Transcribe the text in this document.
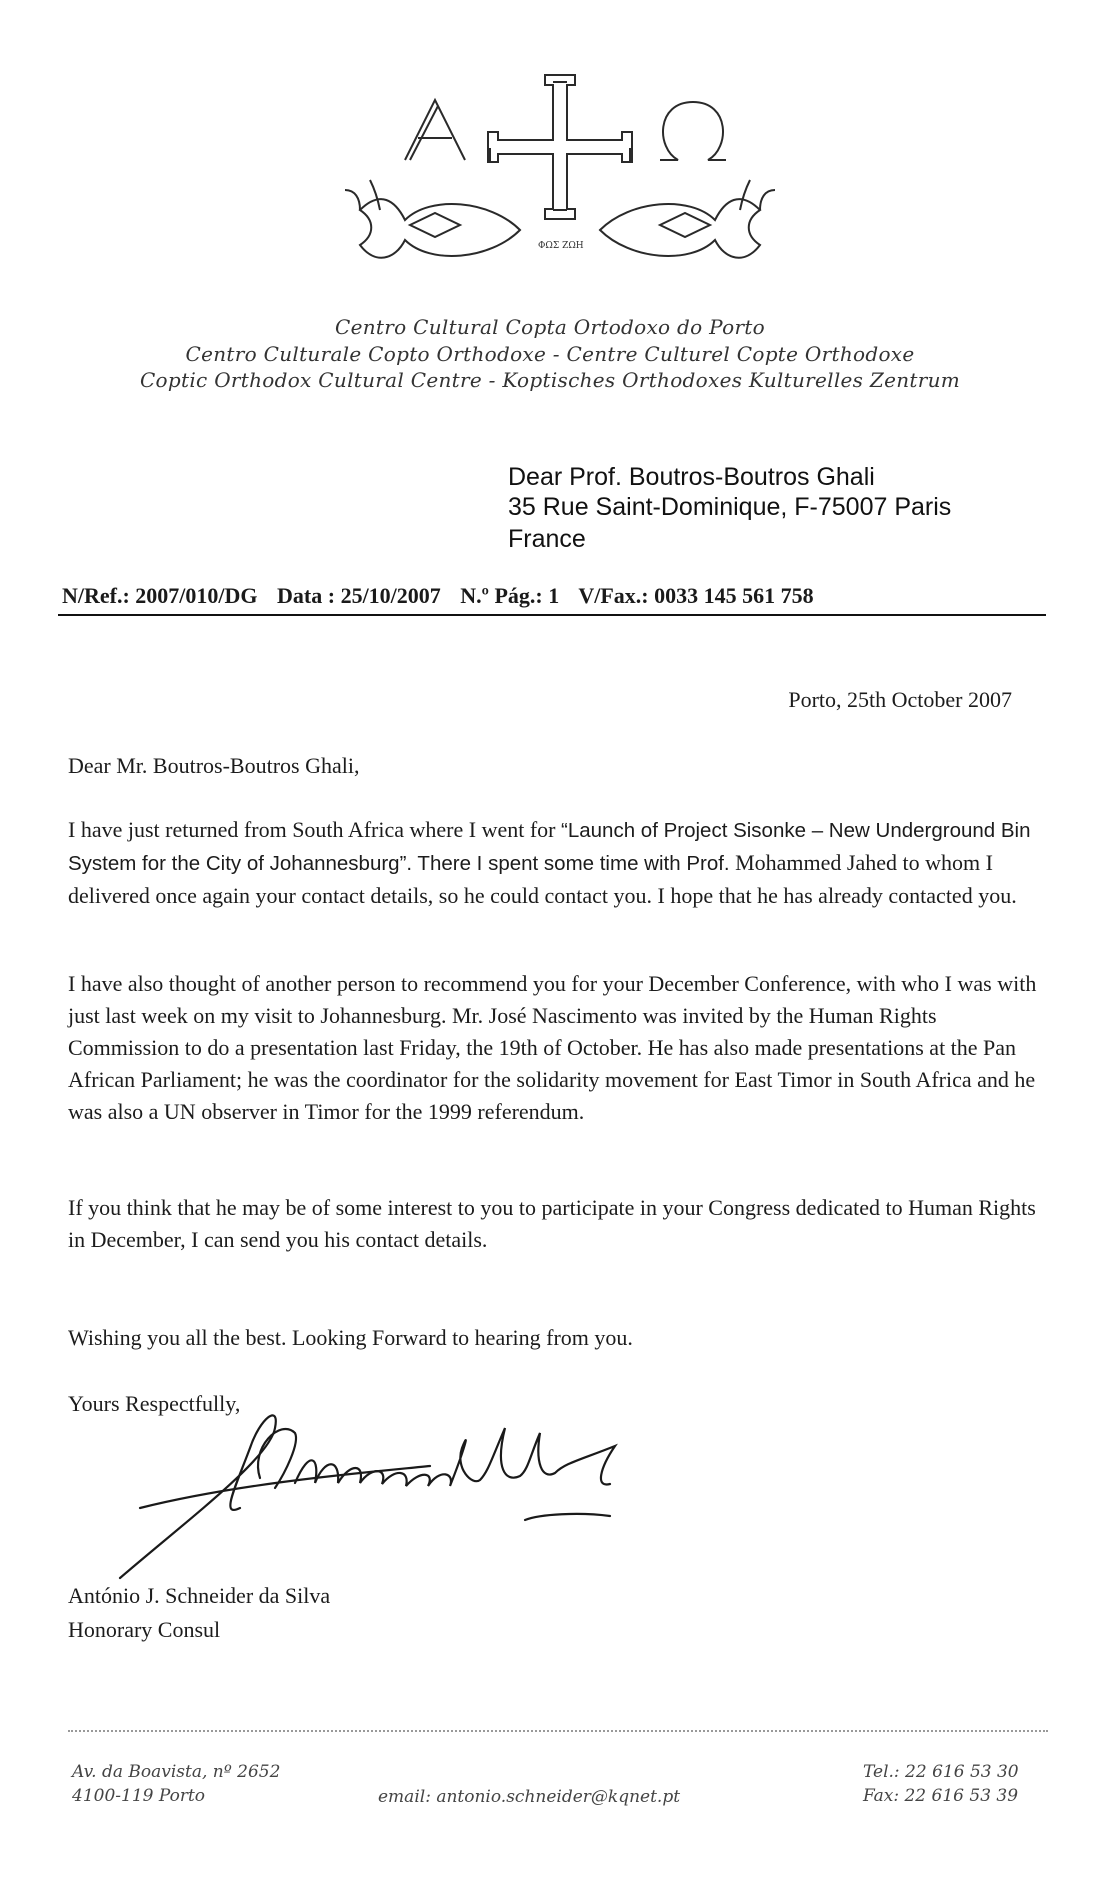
ΦΩΣ ΖΩΗ
Centro Cultural Copta Ortodoxo do Porto
Centro Culturale Copto Orthodoxe - Centre Culturel Copte Orthodoxe
Coptic Orthodox Cultural Centre - Koptisches Orthodoxes Kulturelles Zentrum
Dear Prof. Boutros-Boutros Ghali
35 Rue Saint-Dominique, F-75007 Paris
France
N/Ref.: 2007/010/DG Data : 25/10/2007 N.º Pág.: 1 V/Fax.: 0033 145 561 758
Porto, 25th October 2007
Dear Mr. Boutros-Boutros Ghali,
I have just returned from South Africa where I went for “Launch of Project Sisonke – New Underground Bin System for the City of Johannesburg”. There I spent some time with Prof. Mohammed Jahed to whom I delivered once again your contact details, so he could contact you. I hope that he has already contacted you.
I have also thought of another person to recommend you for your December Conference, with who I was with just last week on my visit to Johannesburg. Mr. José Nascimento was invited by the Human Rights Commission to do a presentation last Friday, the 19th of October. He has also made presentations at the Pan African Parliament; he was the coordinator for the solidarity movement for East Timor in South Africa and he was also a UN observer in Timor for the 1999 referendum.
If you think that he may be of some interest to you to participate in your Congress dedicated to Human Rights in December, I can send you his contact details.
Wishing you all the best. Looking Forward to hearing from you.
Yours Respectfully,
António J. Schneider da Silva
Honorary Consul
Av. da Boavista, nº 2652
4100-119 Porto	email: antonio.schneider@kqnet.pt
Tel.: 22 616 53 30
Fax: 22 616 53 39
